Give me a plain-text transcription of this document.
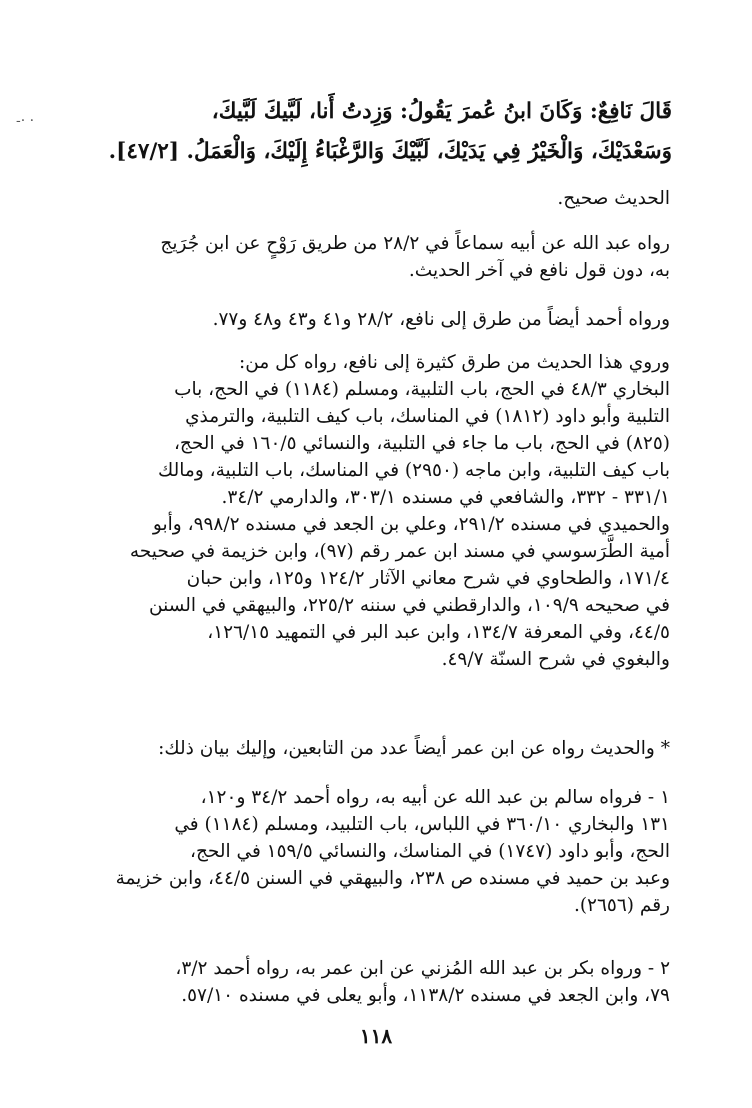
-· ·	قَالَ نَافِعٌ: وَكَانَ ابنُ عُمرَ يَقُولُ: وَزِدتُ أَنا، لَبَّيكَ لَبَّيكَ،
وَسَعْدَيْكَ، وَالْخَيْرُ فِي يَدَيْكَ، لَبَّيْكَ وَالرَّغْبَاءُ إِلَيْكَ، وَالْعَمَلُ. [٤٧/٢].
الحديث صحيح.
رواه عبد الله عن أبيه سماعاً في ٢٨/٢ من طريق رَوْحٍ عن ابن جُرَيج
به، دون قول نافع في آخر الحديث.
ورواه أحمد أيضاً من طرق إلى نافع، ٢٨/٢ و٤١ و٤٣ و٤٨ و٧٧.
وروي هذا الحديث من طرق كثيرة إلى نافع، رواه كل من:
البخاري ٤٨/٣ في الحج، باب التلبية، ومسلم (١١٨٤) في الحج، باب
التلبية وأبو داود (١٨١٢) في المناسك، باب كيف التلبية، والترمذي
(٨٢٥) في الحج، باب ما جاء في التلبية، والنسائي ١٦٠/٥ في الحج،
باب كيف التلبية، وابن ماجه (٢٩٥٠) في المناسك، باب التلبية، ومالك
٣٣١/١ - ٣٣٢، والشافعي في مسنده ٣٠٣/١، والدارمي ٣٤/٢.
والحميدي في مسنده ٢٩١/٢، وعلي بن الجعد في مسنده ٩٩٨/٢، وأبو
أمية الطَّرَسوسي في مسند ابن عمر رقم (٩٧)، وابن خزيمة في صحيحه
١٧١/٤، والطحاوي في شرح معاني الآثار ١٢٤/٢ و١٢٥، وابن حبان
في صحيحه ١٠٩/٩، والدارقطني في سننه ٢٢٥/٢، والبيهقي في السنن
٤٤/٥، وفي المعرفة ١٣٤/٧، وابن عبد البر في التمهيد ١٢٦/١٥،
والبغوي في شرح السنّة ٤٩/٧.
* والحديث رواه عن ابن عمر أيضاً عدد من التابعين، وإليك بيان ذلك:
١ - فرواه سالم بن عبد الله عن أبيه به، رواه أحمد ٣٤/٢ و١٢٠،
١٣١ والبخاري ٣٦٠/١٠ في اللباس، باب التلبيد، ومسلم (١١٨٤) في
الحج، وأبو داود (١٧٤٧) في المناسك، والنسائي ١٥٩/٥ في الحج،
وعبد بن حميد في مسنده ص ٢٣٨، والبيهقي في السنن ٤٤/٥، وابن خزيمة
رقم (٢٦٥٦).
٢ - ورواه بكر بن عبد الله المُزني عن ابن عمر به، رواه أحمد ٣/٢،
٧٩، وابن الجعد في مسنده ١١٣٨/٢، وأبو يعلى في مسنده ٥٧/١٠.
١١٨
